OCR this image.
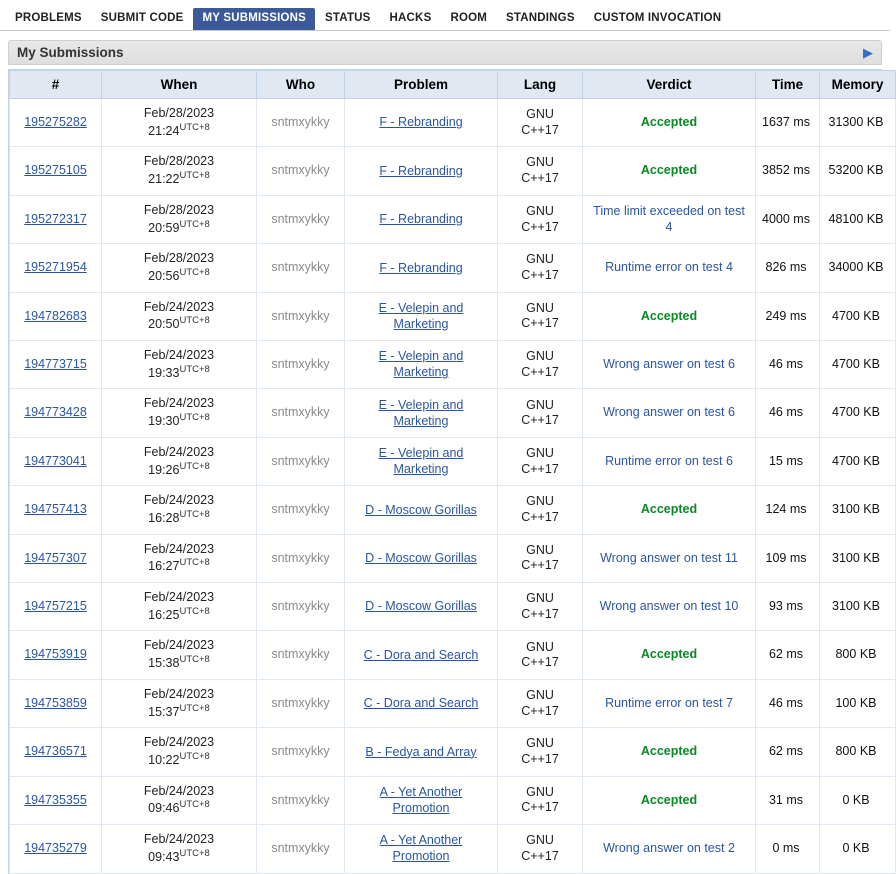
PROBLEMS	SUBMIT CODE	MY SUBMISSIONS	STATUS	HACKS	ROOM	STANDINGS	CUSTOM INVOCATION
My Submissions	▶
#	When	Who	Problem	Lang	Verdict	Time	Memory
195275282	Feb/28/2023
$21:24^{UTC+8}$	sntmxykky	F - Rebranding	GNU
C++17	Accepted	1637 ms	31300 KB
195275105	Feb/28/2023
$21:22^{UTC+8}$	sntmxykky	F - Rebranding	GNU
C++17	Accepted	3852 ms	53200 KB
195272317	Feb/28/2023
$20:59^{UTC+8}$	sntmxykky	F - Rebranding	GNU
C++17	Time limit exceeded on test 4	4000 ms	48100 KB
195271954	Feb/28/2023
$20:56^{UTC+8}$	sntmxykky	F - Rebranding	GNU
C++17	Runtime error on test 4	826 ms	34000 KB
194782683	Feb/24/2023
$20:50^{UTC+8}$	sntmxykky	E - Velepin and Marketing	GNU
C++17	Accepted	249 ms	4700 KB
194773715	Feb/24/2023
$19:33^{UTC+8}$	sntmxykky	E - Velepin and Marketing	GNU
C++17	Wrong answer on test 6	46 ms	4700 KB
194773428	Feb/24/2023
$19:30^{UTC+8}$	sntmxykky	E - Velepin and Marketing	GNU
C++17	Wrong answer on test 6	46 ms	4700 KB
194773041	Feb/24/2023
$19:26^{UTC+8}$	sntmxykky	E - Velepin and Marketing	GNU
C++17	Runtime error on test 6	15 ms	4700 KB
194757413	Feb/24/2023
$16:28^{UTC+8}$	sntmxykky	D - Moscow Gorillas	GNU
C++17	Accepted	124 ms	3100 KB
194757307	Feb/24/2023
$16:27^{UTC+8}$	sntmxykky	D - Moscow Gorillas	GNU
C++17	Wrong answer on test 11	109 ms	3100 KB
194757215	Feb/24/2023
$16:25^{UTC+8}$	sntmxykky	D - Moscow Gorillas	GNU
C++17	Wrong answer on test 10	93 ms	3100 KB
194753919	Feb/24/2023
$15:38^{UTC+8}$	sntmxykky	C - Dora and Search	GNU
C++17	Accepted	62 ms	800 KB
194753859	Feb/24/2023
$15:37^{UTC+8}$	sntmxykky	C - Dora and Search	GNU
C++17	Runtime error on test 7	46 ms	100 KB
194736571	Feb/24/2023
$10:22^{UTC+8}$	sntmxykky	B - Fedya and Array	GNU
C++17	Accepted	62 ms	800 KB
194735355	Feb/24/2023
$09:46^{UTC+8}$	sntmxykky	A - Yet Another Promotion	GNU
C++17	Accepted	31 ms	0 KB
194735279	Feb/24/2023
$09:43^{UTC+8}$	sntmxykky	A - Yet Another Promotion	GNU
C++17	Wrong answer on test 2	0 ms	0 KB
